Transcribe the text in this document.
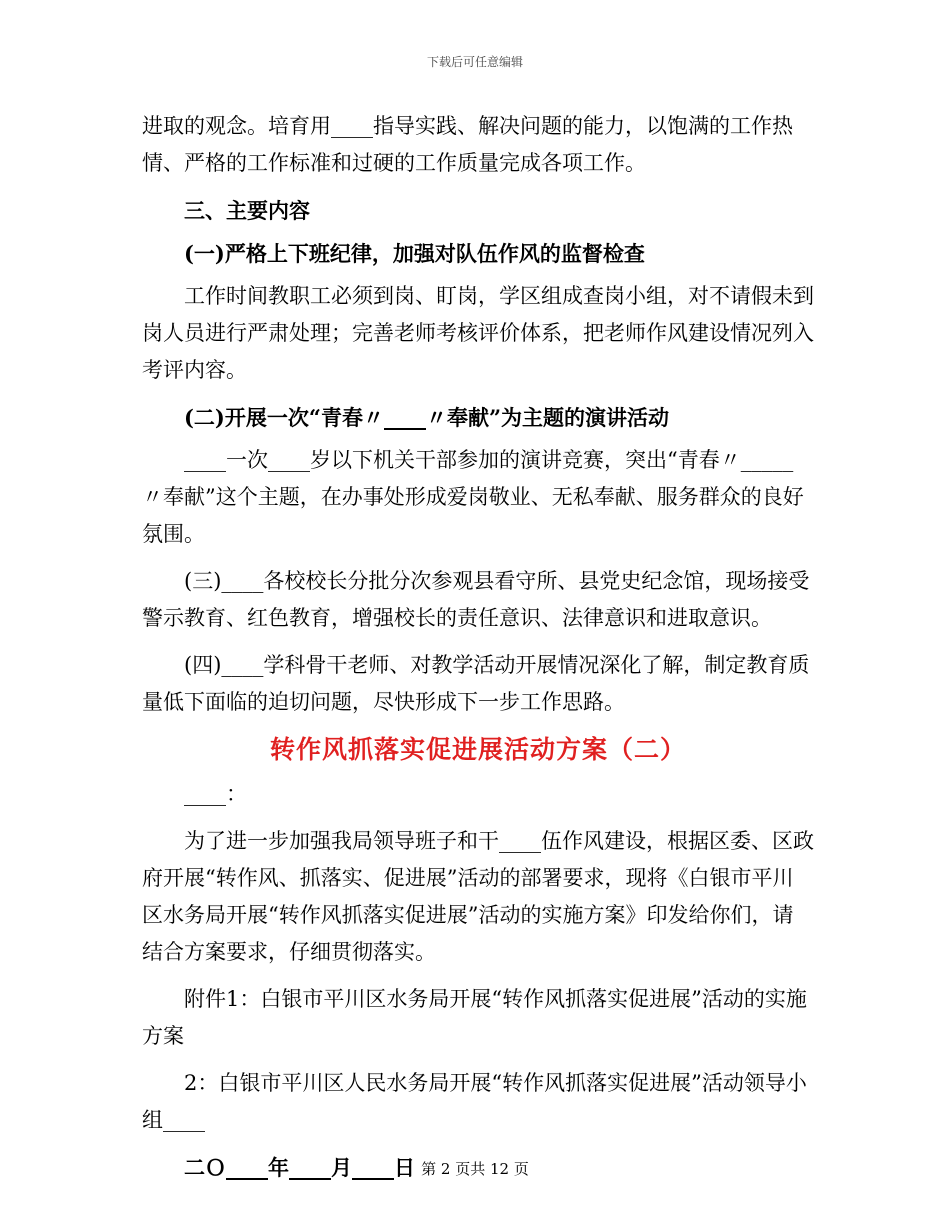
下载后可任意编辑

进取的观念。培育用____指导实践、解决问题的能力，以饱满的工作热情、严格的工作标准和过硬的工作质量完成各项工作。

三、主要内容

(一)严格上下班纪律，加强对队伍作风的监督检查

工作时间教职工必须到岗、盯岗，学区组成查岗小组，对不请假未到岗人员进行严肃处理；完善老师考核评价体系，把老师作风建设情况列入考评内容。

(二)开展一次“青春〃____〃奉献”为主题的演讲活动

____一次____岁以下机关干部参加的演讲竞赛，突出“青春〃_____〃奉献”这个主题，在办事处形成爱岗敬业、无私奉献、服务群众的良好氛围。

(三)____各校校长分批分次参观县看守所、县党史纪念馆，现场接受警示教育、红色教育，增强校长的责任意识、法律意识和进取意识。

(四)____学科骨干老师、对教学活动开展情况深化了解，制定教育质量低下面临的迫切问题，尽快形成下一步工作思路。

转作风抓落实促进展活动方案（二）

____：

为了进一步加强我局领导班子和干____伍作风建设，根据区委、区政府开展“转作风、抓落实、促进展”活动的部署要求，现将《白银市平川区水务局开展“转作风抓落实促进展”活动的实施方案》印发给你们，请结合方案要求，仔细贯彻落实。

附件1：白银市平川区水务局开展“转作风抓落实促进展”活动的实施方案

2：白银市平川区人民水务局开展“转作风抓落实促进展”活动领导小组____

二Ｏ____年____月____日 第 2 页共 12 页
